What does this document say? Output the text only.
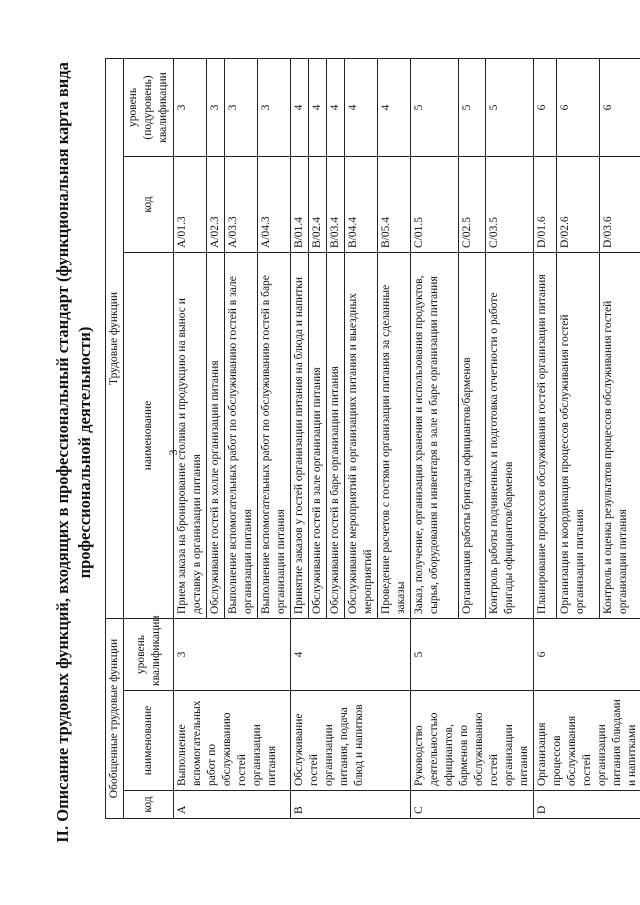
3
II. Описание трудовых функций, входящих в профессиональный стандарт (функциональная карта вида профессиональной деятельности)
Обобщенные трудовые функции			Трудовые функции		
код	наименование	уровень квалификации	наименование	код	уровень (подуровень) квалификации
A	Выполнение вспомогательных работ по обслуживанию гостей организации питания	3	Прием заказа на бронирование столика и продукцию на вынос и доставку в организации питания	A/01.3	3
			Обслуживание гостей в холле организации питания	A/02.3	3
			Выполнение вспомогательных работ по обслуживанию гостей в зале организации питания	A/03.3	3
			Выполнение вспомогательных работ по обслуживанию гостей в баре организации питания	A/04.3	3
B	Обслуживание гостей организации питания, подача блюд и напитков	4	Принятие заказов у гостей организации питания на блюда и напитки	B/01.4	4
			Обслуживание гостей в зале организации питания	B/02.4	4
			Обслуживание гостей в баре организации питания	B/03.4	4
			Обслуживание мероприятий в организациях питания и выездных мероприятий	B/04.4	4
			Проведение расчетов с гостями организации питания за сделанные заказы	B/05.4	4
C	Руководство деятельностью официантов, барменов по обслуживанию гостей организации питания	5	Заказ, получение, организация хранения и использования продуктов, сырья, оборудования и инвентаря в зале и баре организации питания	C/01.5	5
			Организация работы бригады официантов/барменов	C/02.5	5
			Контроль работы подчиненных и подготовка отчетности о работе бригады официантов/барменов	C/03.5	5
D	Организация процессов обслуживания гостей организации питания блюдами и напитками	6	Планирование процессов обслуживания гостей организации питания	D/01.6	6
			Организация и координация процессов обслуживания гостей организации питания	D/02.6	6
			Контроль и оценка результатов процессов обслуживания гостей организации питания	D/03.6	6
